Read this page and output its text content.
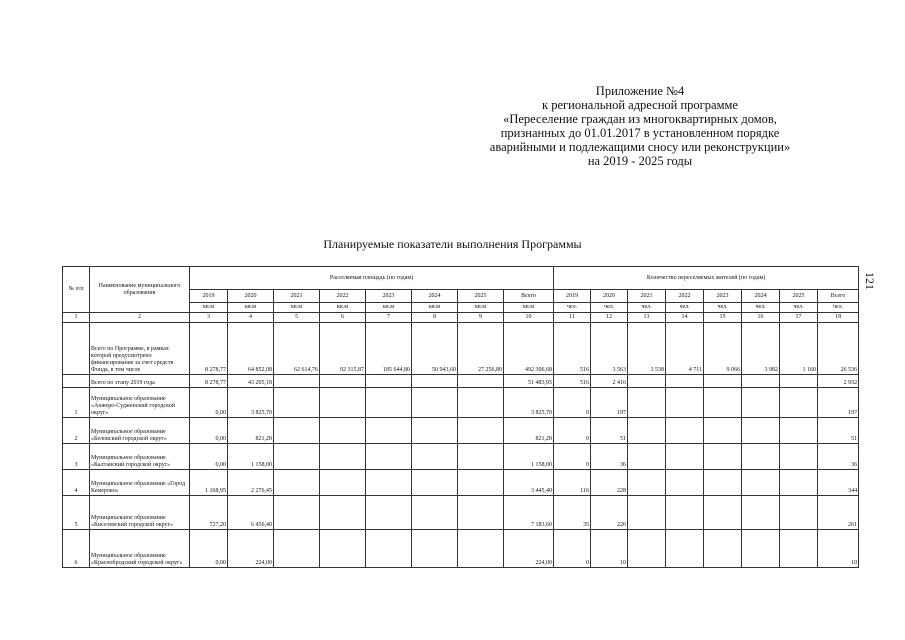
Приложение №4
к региональной адресной программе
«Переселение граждан из многоквартирных домов,
признанных до 01.01.2017 в установленном порядке
аварийными и подлежащими сносу или реконструкции»
на 2019 - 2025 годы
Планируемые показатели выполнения Программы
121
№ п/п	Наименование муниципального образования	Расселяемая площадь (по годам)								Количество переселяемых жителей (по годам)							
		2019	2020	2021	2022	2023	2024	2025	Всего	2019	2020	2021	2022	2023	2024	2025	Всего
		кв.м	кв.м	кв.м	кв.м	кв.м	кв.м	кв.м	кв.м	чел.	чел.	чел.	чел.	чел.	чел.	чел.	чел.
1	2	3	4	5	6	7	8	9	10	11	12	13	14	15	16	17	18
	Всего по Программе, в рамках которой предусмотрено финансирование за счет средств Фонда, в том числе	8 278,77	64 852,08	62 614,76	92 315,87	185 644,80	50 943,60	27 256,80	492 306,68	516	3 563	3 538	4 711	9 066	3 982	1 160	26 536
	Всего по этапу 2019 года	8 278,77	43 205,18						51 483,95	516	2 416						2 932
1	Муниципальное образование «Анжеро-Судженский городской округ»	0,00	3 825,70						3 825,70	0	197						197
2	Муниципальное образование «Беловский городской округ»	0,00	821,20						821,20	0	51						51
3	Муниципальное образование «Калтанский городской округ»	0,00	1 158,00						1 158,00	0	36						36
4	Муниципальное образование «Город Кемерово»	1 168,95	2 276,45						3 445,40	116	228						344
5	Муниципальное образование «Киселевский городской округ»	727,20	6 456,40						7 183,60	35	226						261
6	Муниципальное образование «Краснобродский городской округ»	0,00	224,00						224,00	0	10						10
